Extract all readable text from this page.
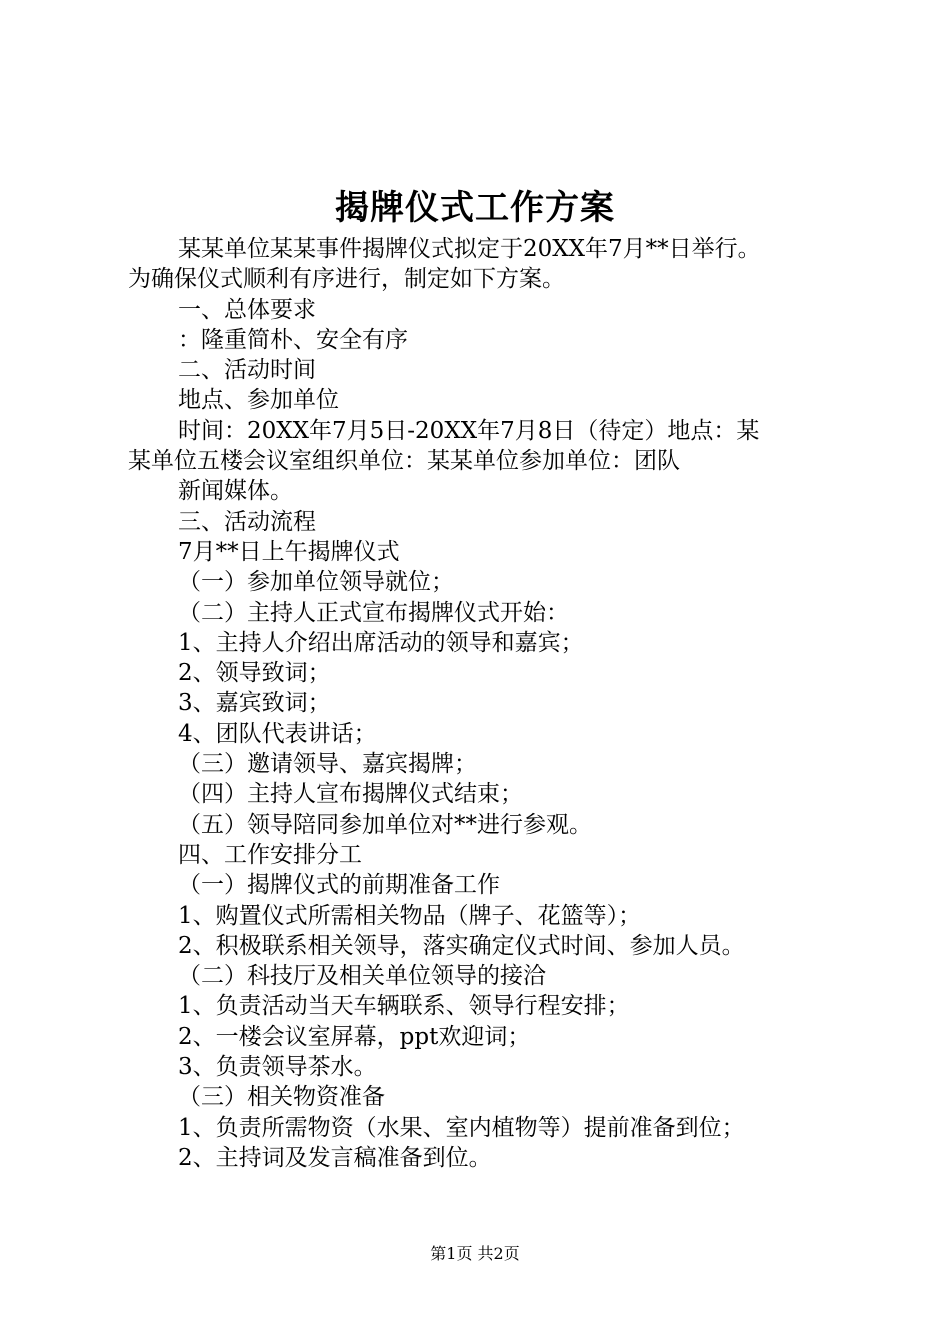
揭牌仪式工作方案
某某单位某某事件揭牌仪式拟定于20XX年7月**日举行。
为确保仪式顺利有序进行，制定如下方案。
一、总体要求
：隆重简朴、安全有序
二、活动时间
地点、参加单位
时间：20XX年7月5日-20XX年7月8日（待定）地点：某
某单位五楼会议室组织单位：某某单位参加单位：团队
新闻媒体。
三、活动流程
7月**日上午揭牌仪式
（一）参加单位领导就位；
（二）主持人正式宣布揭牌仪式开始：
1、主持人介绍出席活动的领导和嘉宾；
2、领导致词；
3、嘉宾致词；
4、团队代表讲话；
（三）邀请领导、嘉宾揭牌；
（四）主持人宣布揭牌仪式结束；
（五）领导陪同参加单位对**进行参观。
四、工作安排分工
（一）揭牌仪式的前期准备工作
1、购置仪式所需相关物品（牌子、花篮等）；
2、积极联系相关领导，落实确定仪式时间、参加人员。
（二）科技厅及相关单位领导的接洽
1、负责活动当天车辆联系、领导行程安排；
2、一楼会议室屏幕，ppt欢迎词；
3、负责领导茶水。
（三）相关物资准备
1、负责所需物资（水果、室内植物等）提前准备到位；
2、主持词及发言稿准备到位。
第1页 共2页
